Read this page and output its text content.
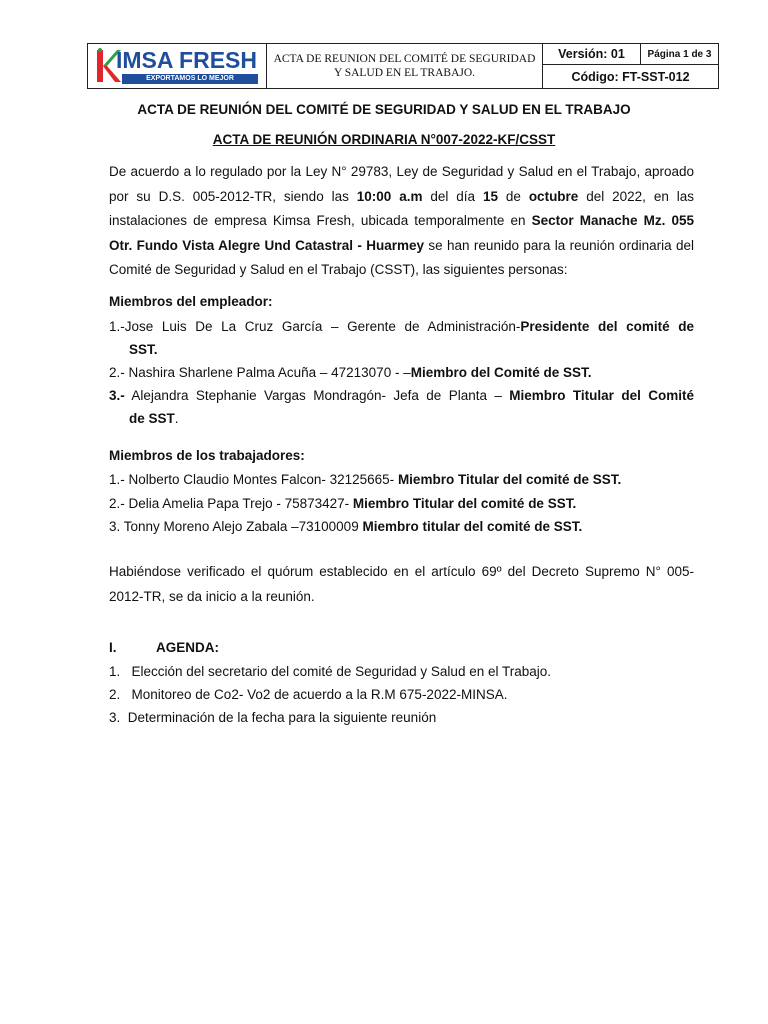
IMSA FRESH
EXPORTAMOS LO MEJOR
ACTA DE REUNION DEL COMITÉ DE SEGURIDAD Y SALUD EN EL TRABAJO.
Versión: 01	Página 1 de 3
Código: FT-SST-012
ACTA DE REUNIÓN DEL COMITÉ DE SEGURIDAD Y SALUD EN EL TRABAJO
ACTA DE REUNIÓN ORDINARIA N°007-2022-KF/CSST
De acuerdo a lo regulado por la Ley N° 29783, Ley de Seguridad y Salud en el Trabajo, aproado por su D.S. 005-2012-TR, siendo las 10:00 a.m del día 15 de octubre del 2022, en las instalaciones de empresa Kimsa Fresh, ubicada temporalmente en Sector Manache Mz. 055 Otr. Fundo Vista Alegre Und Catastral - Huarmey se han reunido para la reunión ordinaria del Comité de Seguridad y Salud en el Trabajo (CSST), las siguientes personas:
Miembros del empleador:
1.-Jose Luis De La Cruz García – Gerente de Administración-Presidente del comité de
SST.
2.- Nashira Sharlene Palma Acuña – 47213070 - –Miembro del Comité de SST.
3.- Alejandra Stephanie Vargas Mondragón- Jefa de Planta – Miembro Titular del Comité
de SST.
Miembros de los trabajadores:
1.- Nolberto Claudio Montes Falcon- 32125665- Miembro Titular del comité de SST.
2.- Delia Amelia Papa Trejo - 75873427- Miembro Titular del comité de SST.
3. Tonny Moreno Alejo Zabala –73100009 Miembro titular del comité de SST.
Habiéndose verificado el quórum establecido en el artículo 69º del Decreto Supremo N° 005-2012-TR, se da inicio a la reunión.
I.	AGENDA:
1.   Elección del secretario del comité de Seguridad y Salud en el Trabajo.
2.   Monitoreo de Co2- Vo2 de acuerdo a la R.M 675-2022-MINSA.
3.  Determinación de la fecha para la siguiente reunión
